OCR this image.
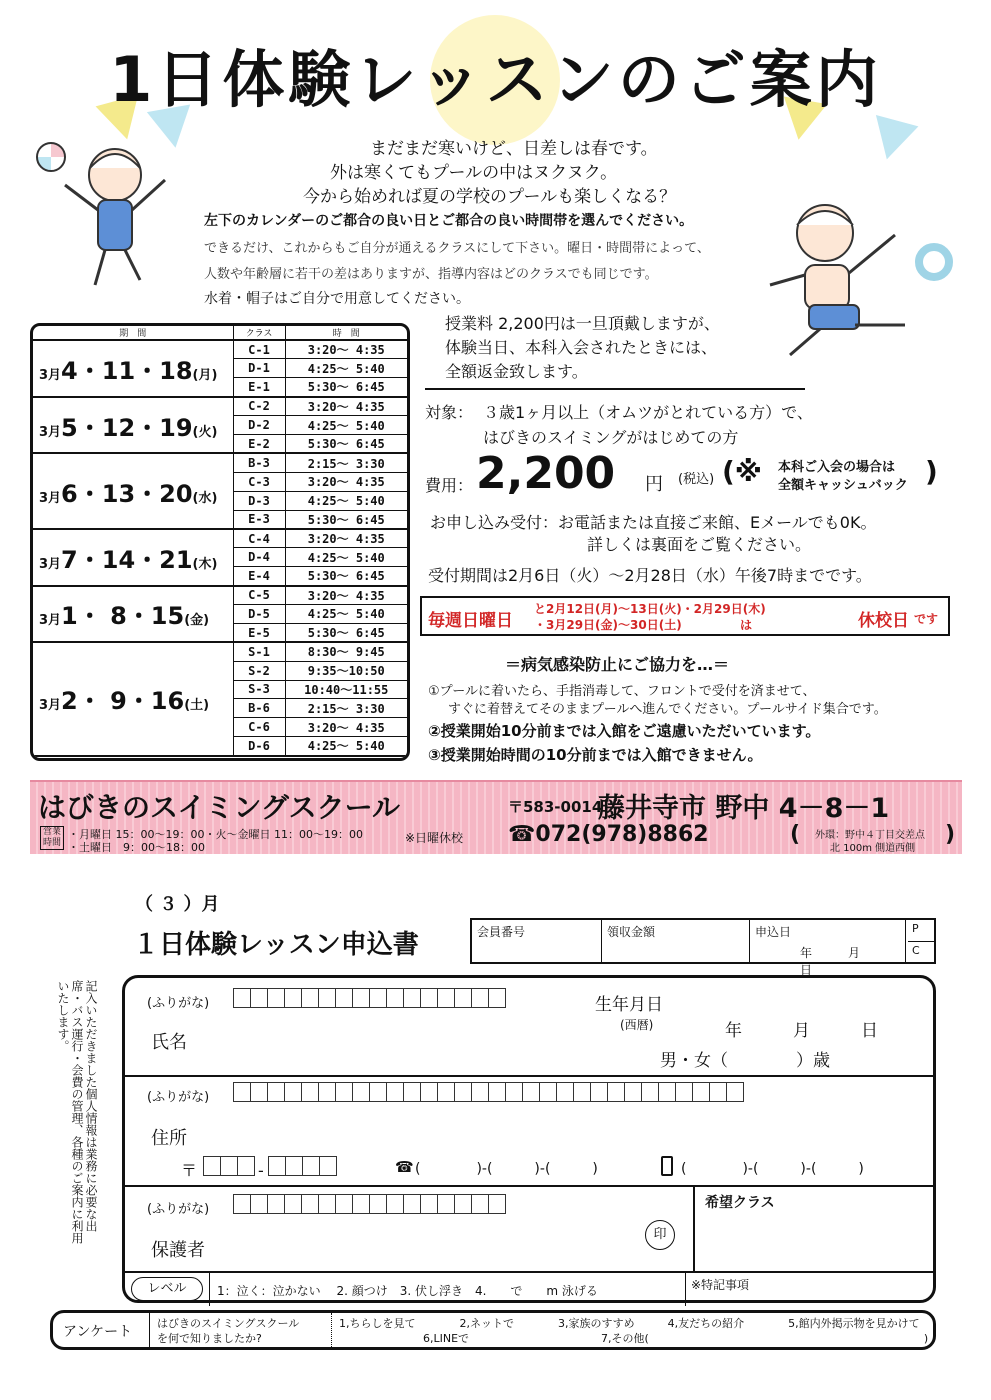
1日体験レッスンのご案内
まだまだ寒いけど、日差しは春です。
外は寒くてもプールの中はヌクヌク。
今から始めれば夏の学校のプールも楽しくなる？
左下のカレンダーのご都合の良い日とご都合の良い時間帯を選んでください。
できるだけ、これからもご自分が通えるクラスにして下さい。曜日・時間帯によって、
人数や年齢層に若干の差はありますが、指導内容はどのクラスでも同じです。
水着・帽子はご自分で用意してください。
期　間	クラス	時　間
3月4・11・18(月)	C-1	3:20～ 4:35
	D-1	4:25～ 5:40
	E-1	5:30～ 6:45
3月5・12・19(火)	C-2	3:20～ 4:35
	D-2	4:25～ 5:40
	E-2	5:30～ 6:45
3月6・13・20(水)	B-3	2:15～ 3:30
	C-3	3:20～ 4:35
	D-3	4:25～ 5:40
	E-3	5:30～ 6:45
3月7・14・21(木)	C-4	3:20～ 4:35
	D-4	4:25～ 5:40
	E-4	5:30～ 6:45
3月1・ 8・15(金)	C-5	3:20～ 4:35
	D-5	4:25～ 5:40
	E-5	5:30～ 6:45
3月2・ 9・16(土)	S-1	8:30～ 9:45
	S-2	9:35～10:50
	S-3	10:40～11:55
	B-6	2:15～ 3:30
	C-6	3:20～ 4:35
	D-6	4:25～ 5:40
授業料 2,200円は一旦頂戴しますが、
体験当日、本科入会されたときには、
全額返金致します。
対象： ３歳1ヶ月以上（オムツがとれている方）で、
はびきのスイミングがはじめての方
費用： 2,200 円 (税込) (※ 本科ご入会の場合は
全額キャッシュバック )
お申し込み受付：お電話または直接ご来館、Eメールでも0K。
詳しくは裏面をご覧ください。
受付期間は2月6日（火）～2月28日（水）午後7時までです。
毎週日曜日
と2月12日(月)～13日(火)・2月29日(木)
・3月29日(金)～30日(土)	は	休校日 です
＝病気感染防止にご協力を…＝
①プールに着いたら、手指消毒して、フロントで受付を済ませて、
すぐに着替えてそのままプールへ進んでください。プールサイド集合です。
②授業開始10分前までは入館をご遠慮いただいています。
③授業開始時間の10分前までは入館できません。
はびきのスイミングスクール	〒583-0014
藤井寺市 野中 4－8－1
営業時間
・月曜日 15：00～19：00・火～金曜日 11：00～19：00
・土曜日　9：00～18：00
※日曜休校 ☎072(978)8862	( 外環：野中４丁目交差点
北 100m 側道西側
)
（ ３ ）月
１日体験レッスン申込書	会員番号	領収金額	申込日
年　　　	月　　　日
P
C
記入いただきました個人情報は業務に必要な出席・バス運行・会費の管理、各種のご案内に利用いたします。	(ふりがな)
氏名
生年月日
(西暦)	年　　　月　　　日
男・女（　　　　）歳
(ふりがな)
住所
〒	-	☎ (　　　　)-(　　　)-(　　　)	(　　　　)-(　　　)-(　　　)
(ふりがな)
保護者
印
希望クラス
レベル	1：泣く：泣かない　 2. 顔つけ　3. 伏し浮き　4.　　で　　m 泳げる	※特記事項
アンケート
はびきのスイミングスクール
を何で知りましたか?
1,ちらしを見て　　　　2,ネットで　　　　3,家族のすすめ　　　4,友だちの紹介　　　　5,館内外掲示物を見かけて
6,LINEで　　　　　　　　　　　　7,その他(　　　　　　　　　　　　　　　　　　　　　　　　　)
